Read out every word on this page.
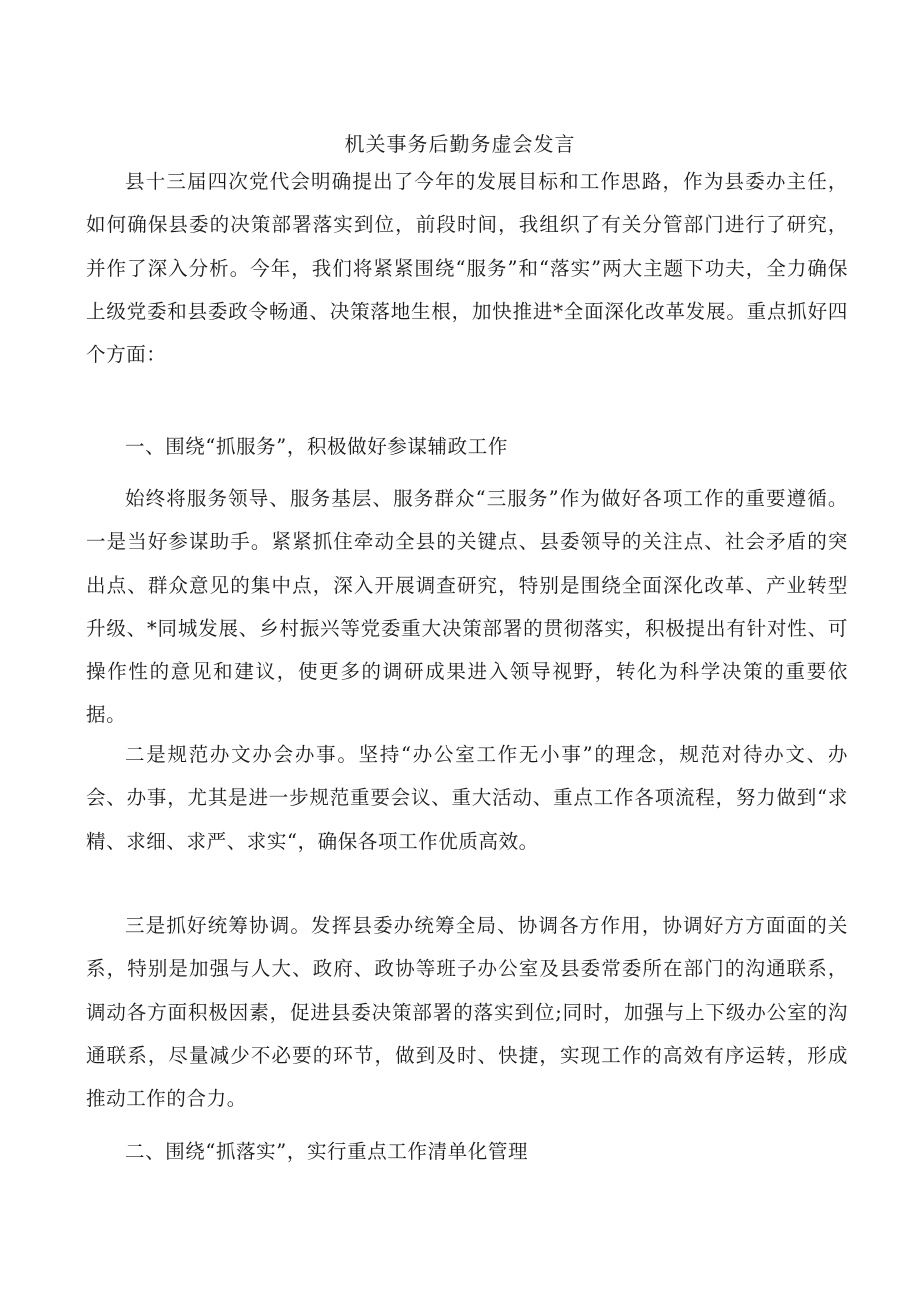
机关事务后勤务虚会发言

县十三届四次党代会明确提出了今年的发展目标和工作思路，作为县委办主任，如何确保县委的决策部署落实到位，前段时间，我组织了有关分管部门进行了研究，并作了深入分析。今年，我们将紧紧围绕“服务”和“落实”两大主题下功夫，全力确保上级党委和县委政令畅通、决策落地生根，加快推进*全面深化改革发展。重点抓好四个方面：

一、围绕“抓服务”，积极做好参谋辅政工作

始终将服务领导、服务基层、服务群众“三服务”作为做好各项工作的重要遵循。一是当好参谋助手。紧紧抓住牵动全县的关键点、县委领导的关注点、社会矛盾的突出点、群众意见的集中点，深入开展调查研究，特别是围绕全面深化改革、产业转型升级、*同城发展、乡村振兴等党委重大决策部署的贯彻落实，积极提出有针对性、可操作性的意见和建议，使更多的调研成果进入领导视野，转化为科学决策的重要依据。

二是规范办文办会办事。坚持“办公室工作无小事”的理念，规范对待办文、办会、办事，尤其是进一步规范重要会议、重大活动、重点工作各项流程，努力做到“求精、求细、求严、求实“，确保各项工作优质高效。

三是抓好统筹协调。发挥县委办统筹全局、协调各方作用，协调好方方面面的关系，特别是加强与人大、政府、政协等班子办公室及县委常委所在部门的沟通联系，调动各方面积极因素，促进县委决策部署的落实到位;同时，加强与上下级办公室的沟通联系，尽量减少不必要的环节，做到及时、快捷，实现工作的高效有序运转，形成推动工作的合力。

二、围绕“抓落实”，实行重点工作清单化管理
